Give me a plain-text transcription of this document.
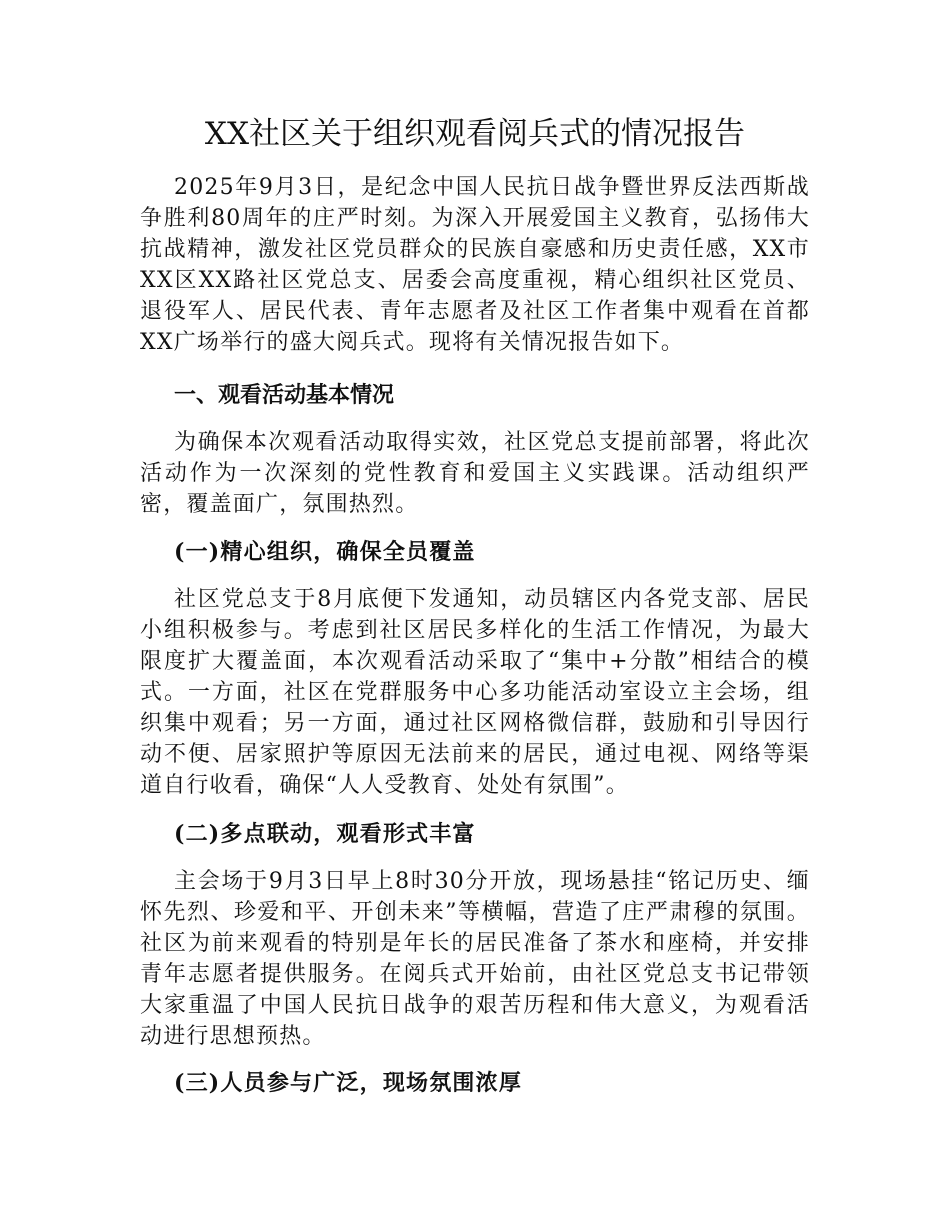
XX社区关于组织观看阅兵式的情况报告

2025年9月3日，是纪念中国人民抗日战争暨世界反法西斯战争胜利80周年的庄严时刻。为深入开展爱国主义教育，弘扬伟大抗战精神，激发社区党员群众的民族自豪感和历史责任感，XX市XX区XX路社区党总支、居委会高度重视，精心组织社区党员、退役军人、居民代表、青年志愿者及社区工作者集中观看在首都XX广场举行的盛大阅兵式。现将有关情况报告如下。

一、观看活动基本情况

为确保本次观看活动取得实效，社区党总支提前部署，将此次活动作为一次深刻的党性教育和爱国主义实践课。活动组织严密，覆盖面广，氛围热烈。

(一)精心组织，确保全员覆盖

社区党总支于8月底便下发通知，动员辖区内各党支部、居民小组积极参与。考虑到社区居民多样化的生活工作情况，为最大限度扩大覆盖面，本次观看活动采取了“集中+分散”相结合的模式。一方面，社区在党群服务中心多功能活动室设立主会场，组织集中观看；另一方面，通过社区网格微信群，鼓励和引导因行动不便、居家照护等原因无法前来的居民，通过电视、网络等渠道自行收看，确保“人人受教育、处处有氛围”。

(二)多点联动，观看形式丰富

主会场于9月3日早上8时30分开放，现场悬挂“铭记历史、缅怀先烈、珍爱和平、开创未来”等横幅，营造了庄严肃穆的氛围。社区为前来观看的特别是年长的居民准备了茶水和座椅，并安排青年志愿者提供服务。在阅兵式开始前，由社区党总支书记带领大家重温了中国人民抗日战争的艰苦历程和伟大意义，为观看活动进行思想预热。

(三)人员参与广泛，现场氛围浓厚
